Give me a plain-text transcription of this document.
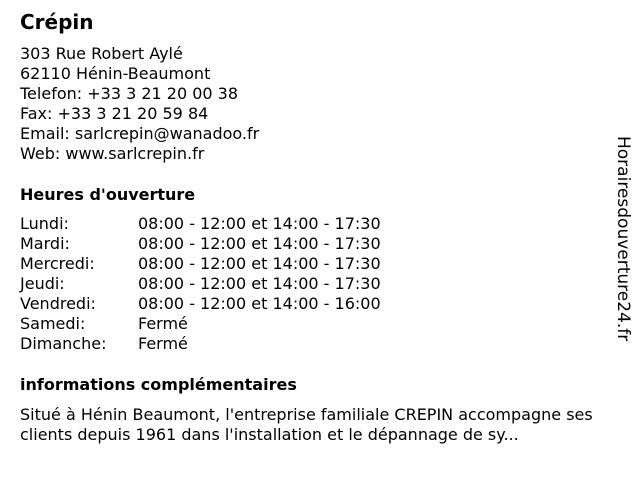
Crépin
303 Rue Robert Aylé
62110 Hénin-Beaumont
Telefon: +33 3 21 20 00 38
Fax: +33 3 21 20 59 84
Email: sarlcrepin@wanadoo.fr
Web: www.sarlcrepin.fr
Heures d'ouverture
Lundi:	08:00 - 12:00 et 14:00 - 17:30
Mardi:	08:00 - 12:00 et 14:00 - 17:30
Mercredi:	08:00 - 12:00 et 14:00 - 17:30
Jeudi:	08:00 - 12:00 et 14:00 - 17:30
Vendredi:	08:00 - 12:00 et 14:00 - 16:00
Samedi:	Fermé
Dimanche:	Fermé
informations complémentaires
Situé à Hénin Beaumont, l'entreprise familiale CREPIN accompagne ses clients depuis 1961 dans l'installation et le dépannage de sy...
Horairesdouverture24.fr
